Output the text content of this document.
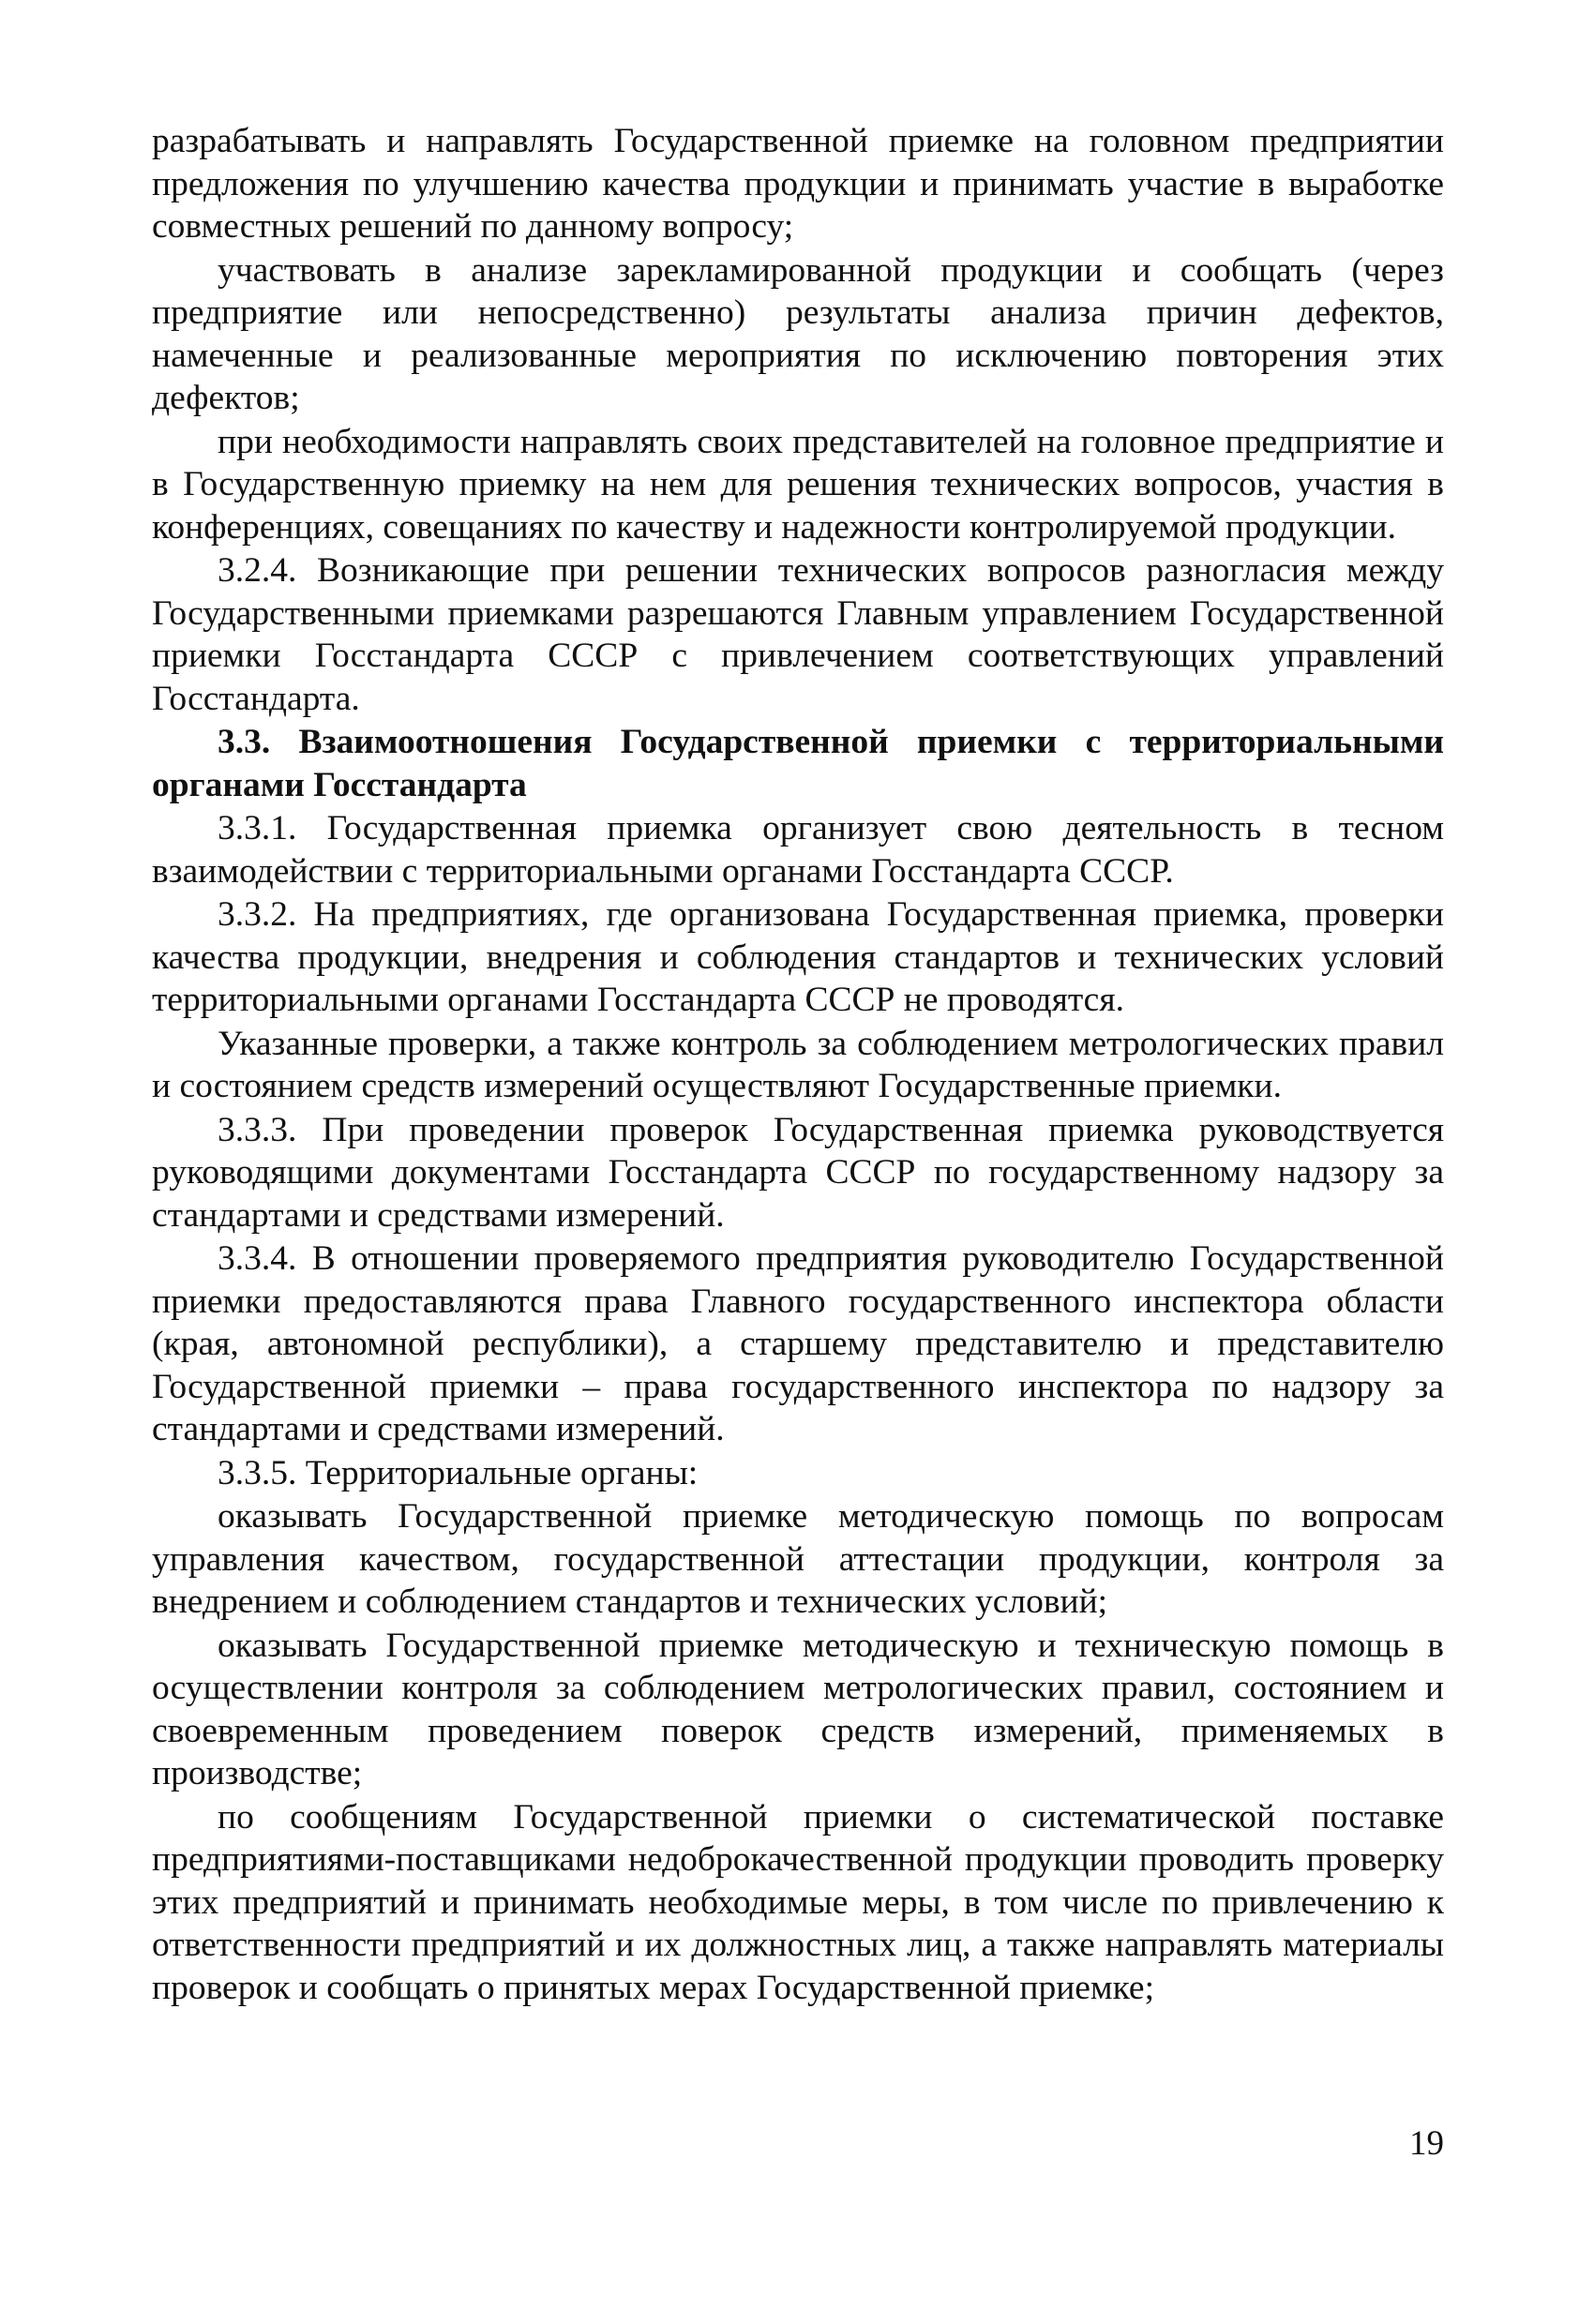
разрабатывать и направлять Государственной приемке на головном предприятии предложения по улучшению качества продукции и принимать участие в выработке совместных решений по данному вопросу;

участвовать в анализе зарекламированной продукции и сообщать (через предприятие или непосредственно) результаты анализа причин дефектов, намеченные и реализованные мероприятия по исключению повторения этих дефектов;

при необходимости направлять своих представителей на головное предприятие и в Государственную приемку на нем для решения технических вопросов, участия в конференциях, совещаниях по качеству и надежности контролируемой продукции.

3.2.4. Возникающие при решении технических вопросов разногласия между Государственными приемками разрешаются Главным управлением Государственной приемки Госстандарта СССР с привлечением соответствующих управлений Госстандарта.

3.3. Взаимоотношения Государственной приемки с территориальными органами Госстандарта

3.3.1. Государственная приемка организует свою деятельность в тесном взаимодействии с территориальными органами Госстандарта СССР.

3.3.2. На предприятиях, где организована Государственная приемка, проверки качества продукции, внедрения и соблюдения стандартов и технических условий территориальными органами Госстандарта СССР не проводятся.

Указанные проверки, а также контроль за соблюдением метрологических правил и состоянием средств измерений осуществляют Государственные приемки.

3.3.3. При проведении проверок Государственная приемка руководствуется руководящими документами Госстандарта СССР по государственному надзору за стандартами и средствами измерений.

3.3.4. В отношении проверяемого предприятия руководителю Государственной приемки предоставляются права Главного государственного инспектора области (края, автономной республики), а старшему представителю и представителю Государственной приемки – права государственного инспектора по надзору за стандартами и средствами измерений.

3.3.5. Территориальные органы:

оказывать Государственной приемке методическую помощь по вопросам управления качеством, государственной аттестации продукции, контроля за внедрением и соблюдением стандартов и технических условий;

оказывать Государственной приемке методическую и техническую помощь в осуществлении контроля за соблюдением метрологических правил, состоянием и своевременным проведением поверок средств измерений, применяемых в производстве;

по сообщениям Государственной приемки о систематической поставке предприятиями-поставщиками недоброкачественной продукции проводить проверку этих предприятий и принимать необходимые меры, в том числе по привлечению к ответственности предприятий и их должностных лиц, а также направлять материалы проверок и сообщать о принятых мерах Государственной приемке;

19
